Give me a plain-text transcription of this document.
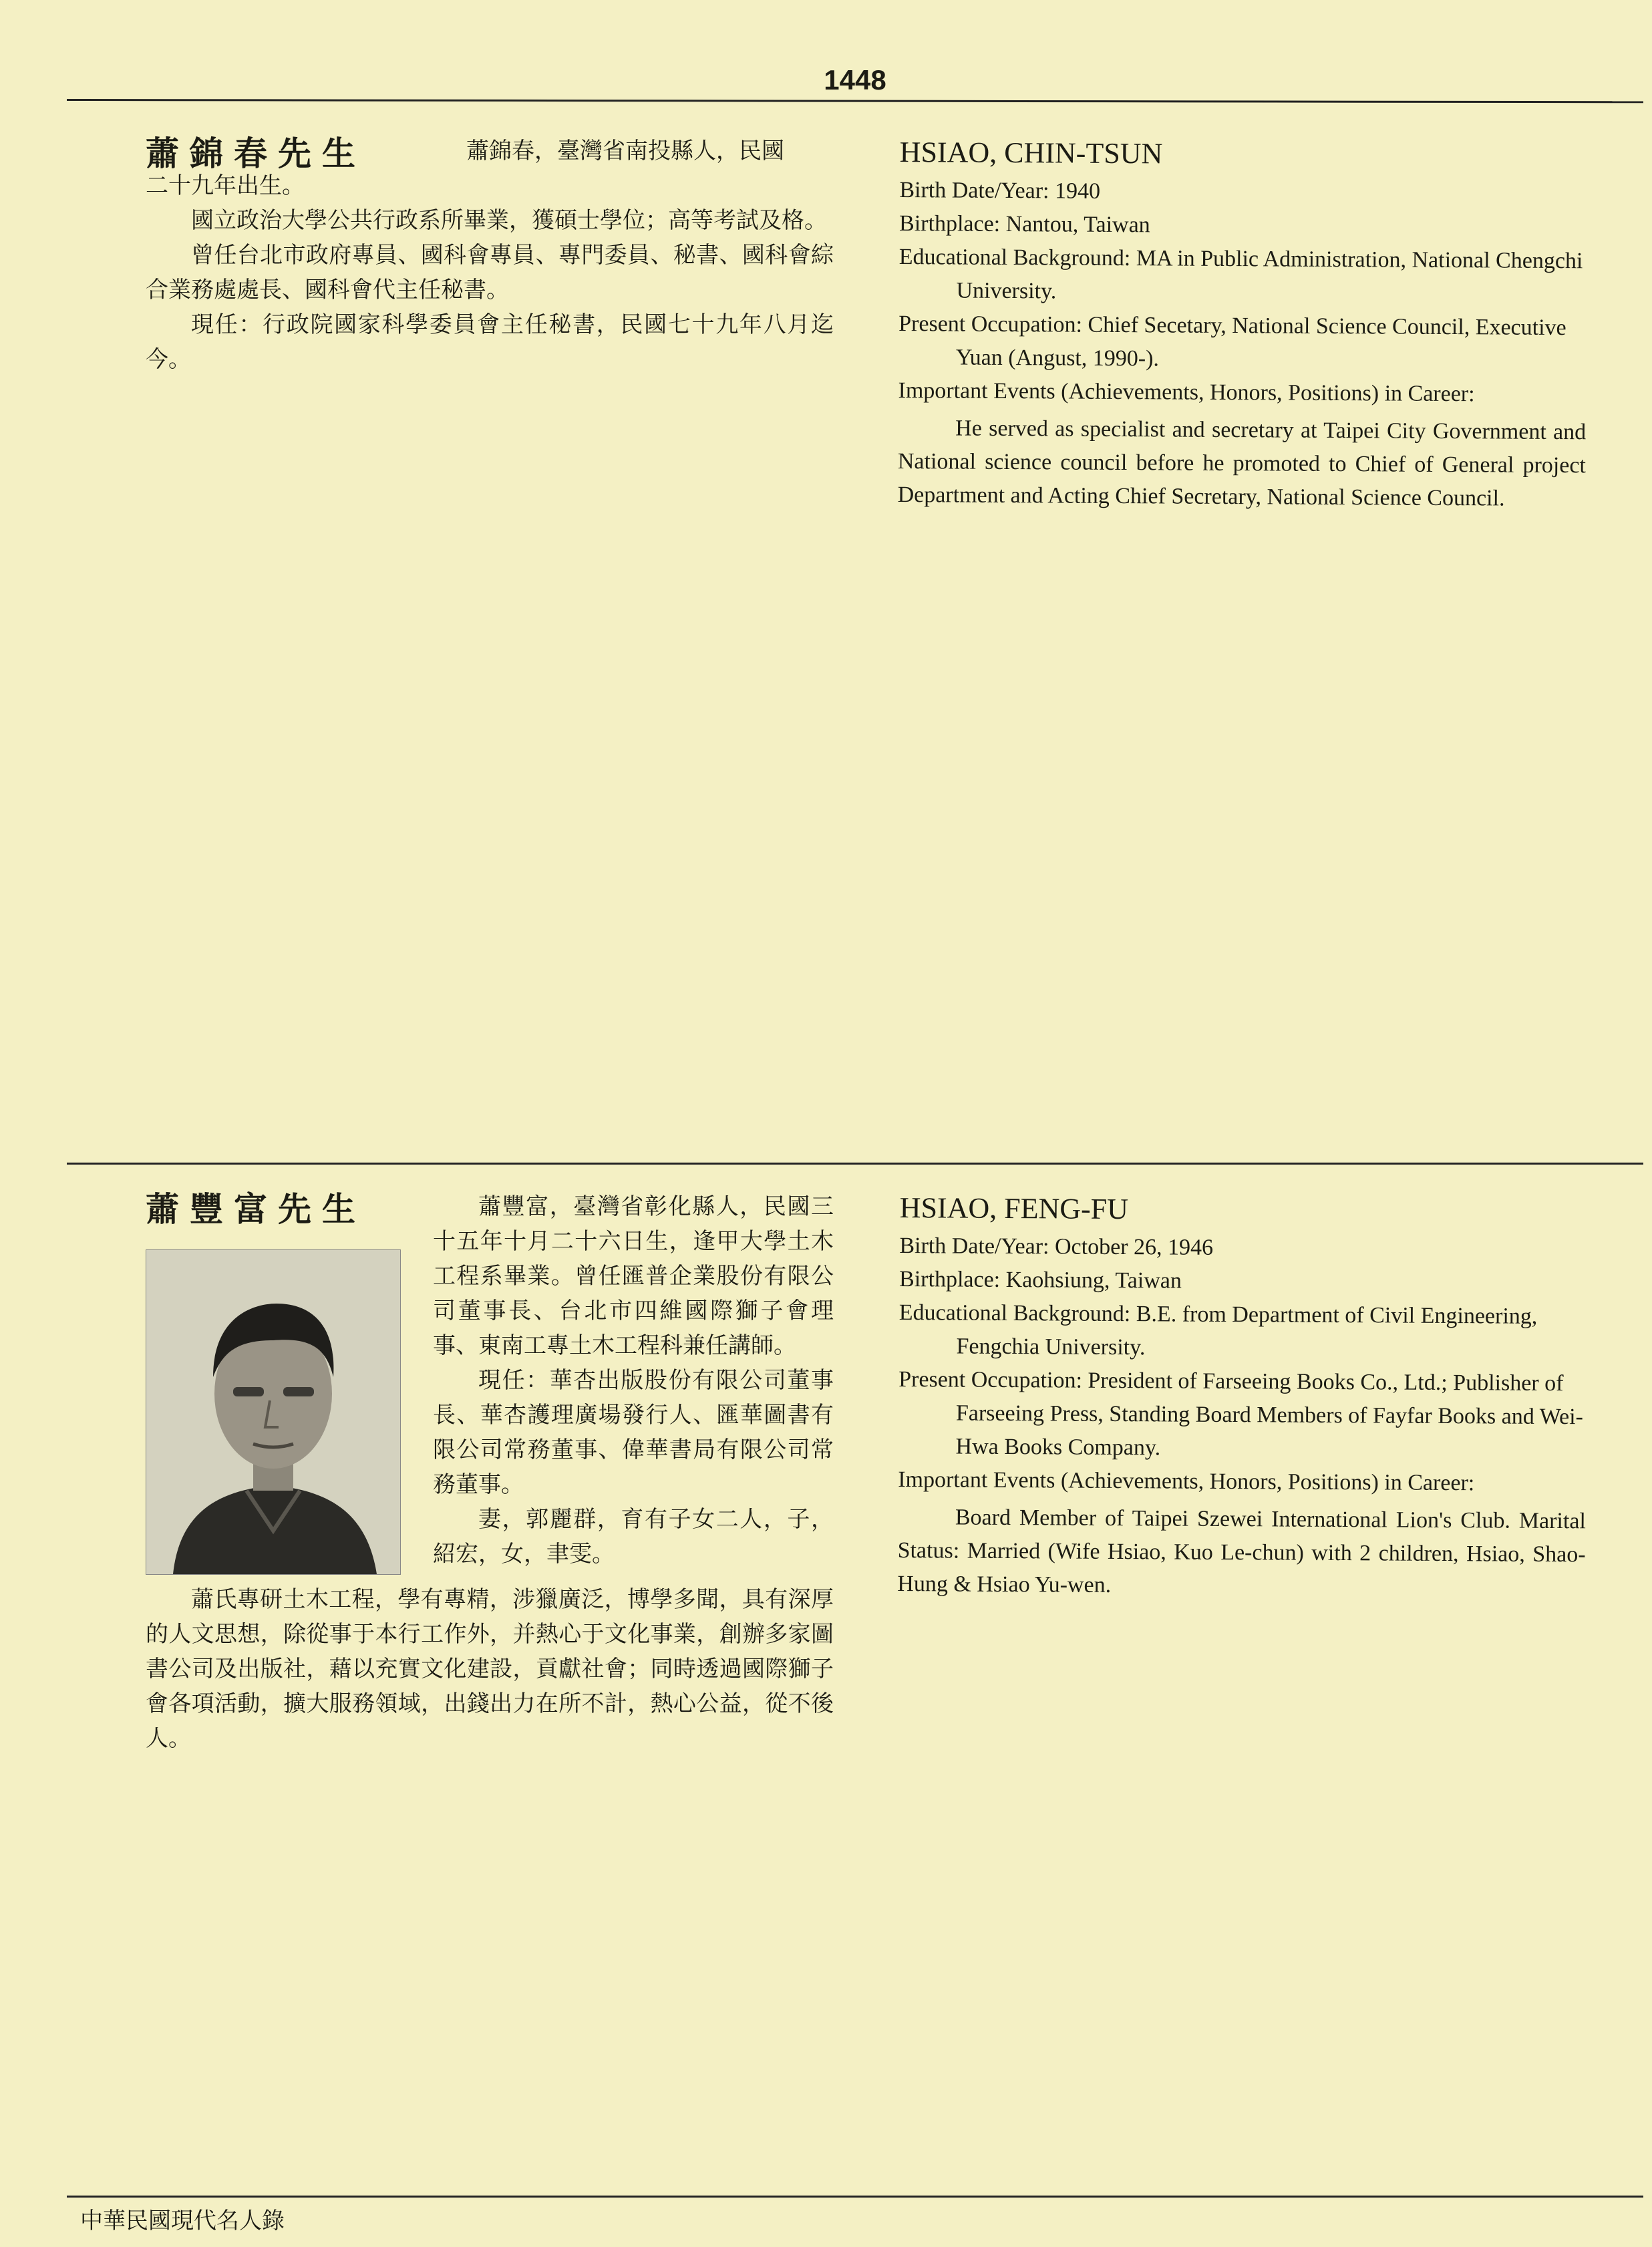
1448
蕭錦春先生	蕭錦春，臺灣省南投縣人，民國

二十九年出生。

國立政治大學公共行政系所畢業，獲碩士學位；高等考試及格。

曾任台北市政府專員、國科會專員、專門委員、秘書、國科會綜合業務處處長、國科會代主任秘書。

現任：行政院國家科學委員會主任秘書，民國七十九年八月迄今。

HSIAO, CHIN-TSUN
Birth Date/Year: 1940
Birthplace: Nantou, Taiwan
Educational Background: MA in Public Administration, National Chengchi University.
Present Occupation: Chief Secetary, National Science Council, Executive Yuan (Angust, 1990-).
Important Events (Achievements, Honors, Positions) in Career:
He served as specialist and secretary at Taipei City Government and National science council before he promoted to Chief of General project Department and Acting Chief Secretary, National Science Council.
蕭豐富先生	蕭豐富，臺灣省彰化縣人，民國三十五年十月二十六日生，逢甲大學土木工程系畢業。曾任匯普企業股份有限公司董事長、台北市四維國際獅子會理事、東南工專土木工程科兼任講師。

現任：華杏出版股份有限公司董事長、華杏護理廣場發行人、匯華圖書有限公司常務董事、偉華書局有限公司常務董事。

妻，郭麗群，育有子女二人，子，紹宏，女，聿雯。

蕭氏專研土木工程，學有專精，涉獵廣泛，博學多聞，具有深厚的人文思想，除從事于本行工作外，并熱心于文化事業，創辦多家圖書公司及出版社，藉以充實文化建設，貢獻社會；同時透過國際獅子會各項活動，擴大服務領域，出錢出力在所不計，熱心公益，從不後人。

HSIAO, FENG-FU
Birth Date/Year: October 26, 1946
Birthplace: Kaohsiung, Taiwan
Educational Background: B.E. from Department of Civil Engineering, Fengchia University.
Present Occupation: President of Farseeing Books Co., Ltd.; Publisher of Farseeing Press, Standing Board Members of Fayfar Books and Wei-Hwa Books Company.
Important Events (Achievements, Honors, Positions) in Career:
Board Member of Taipei Szewei International Lion's Club. Marital Status: Married (Wife Hsiao, Kuo Le-chun) with 2 children, Hsiao, Shao-Hung & Hsiao Yu-wen.
中華民國現代名人錄
